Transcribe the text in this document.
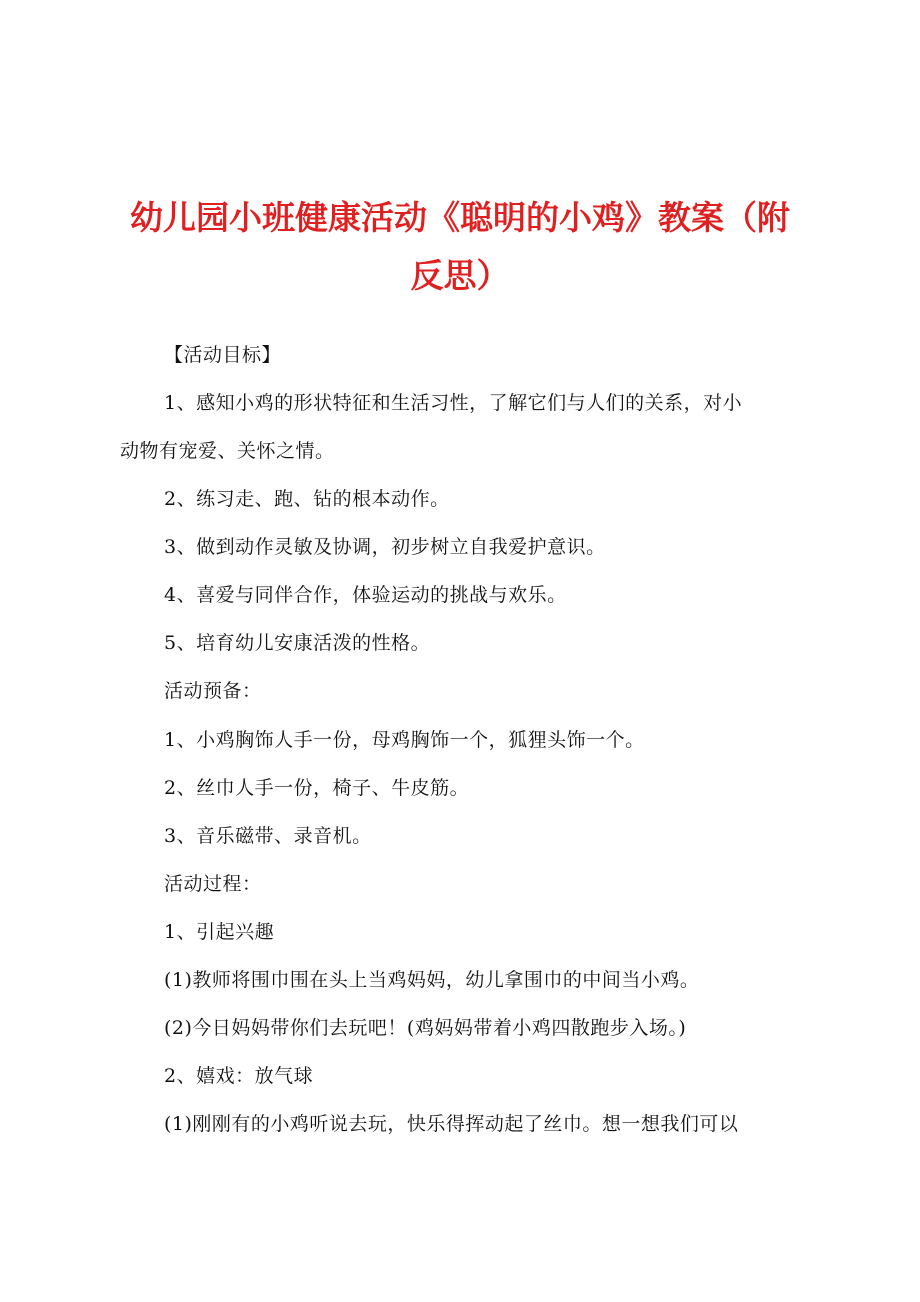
幼儿园小班健康活动《聪明的小鸡》教案（附
反思）
【活动目标】
1、感知小鸡的形状特征和生活习性，了解它们与人们的关系，对小
动物有宠爱、关怀之情。
2、练习走、跑、钻的根本动作。
3、做到动作灵敏及协调，初步树立自我爱护意识。
4、喜爱与同伴合作，体验运动的挑战与欢乐。
5、培育幼儿安康活泼的性格。
活动预备：
1、小鸡胸饰人手一份，母鸡胸饰一个，狐狸头饰一个。
2、丝巾人手一份，椅子、牛皮筋。
3、音乐磁带、录音机。
活动过程：
1、引起兴趣
(1)教师将围巾围在头上当鸡妈妈，幼儿拿围巾的中间当小鸡。
(2)今日妈妈带你们去玩吧！(鸡妈妈带着小鸡四散跑步入场。)
2、嬉戏：放气球
(1)刚刚有的小鸡听说去玩，快乐得挥动起了丝巾。想一想我们可以
